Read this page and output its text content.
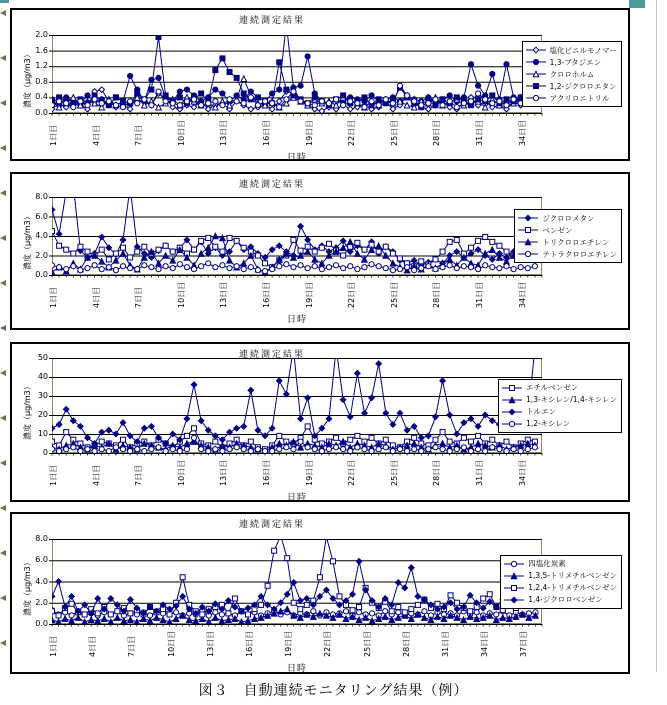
連続測定結果
0.0
0.4
0.8
1.2
1.6
2.0
濃度（μg/m3）
1日目	4日目	7日目	10日目	13日目	16日目	19日目	22日目	25日目	28日目	31日目	34日目
日時
塩化ビニルモノマー
1,3-ブタジエン
クロロホルム
1,2-ジクロロエタン
アクリロニトリル
連続測定結果
0.0
2.0
4.0
6.0
8.0
濃度（μg/m3）
1日目	4日目	7日目	10日目	13日目	16日目	19日目	22日目	25日目	28日目	31日目	34日目
日時
ジクロロメタン
ベンゼン
トリクロロエチレン
テトラクロロエチレン
連続測定結果
0
10
20
30
40
50
濃度（μg/m3）
1日目	4日目	7日目	10日目	13日目	16日目	19日目	22日目	25日目	28日目	31日目	34日目
日時
エチルベンゼン
1,3-キシレン/1,4-キシレン
トルエン
1,2-キシレン
連続測定結果
0.0
2.0
4.0
6.0
8.0
濃度（μg/m3）
1日目	4日目	7日目	10日目	13日目	16日目	19日目	22日目	25日目	28日目	31日目	34日目	37日目
日時
四塩化炭素
1,3,5-トリメチルベンゼン
1,2,4-トリメチルベンゼン
1,4-ジクロロベンゼン
図３　自動連続モニタリング結果（例）
